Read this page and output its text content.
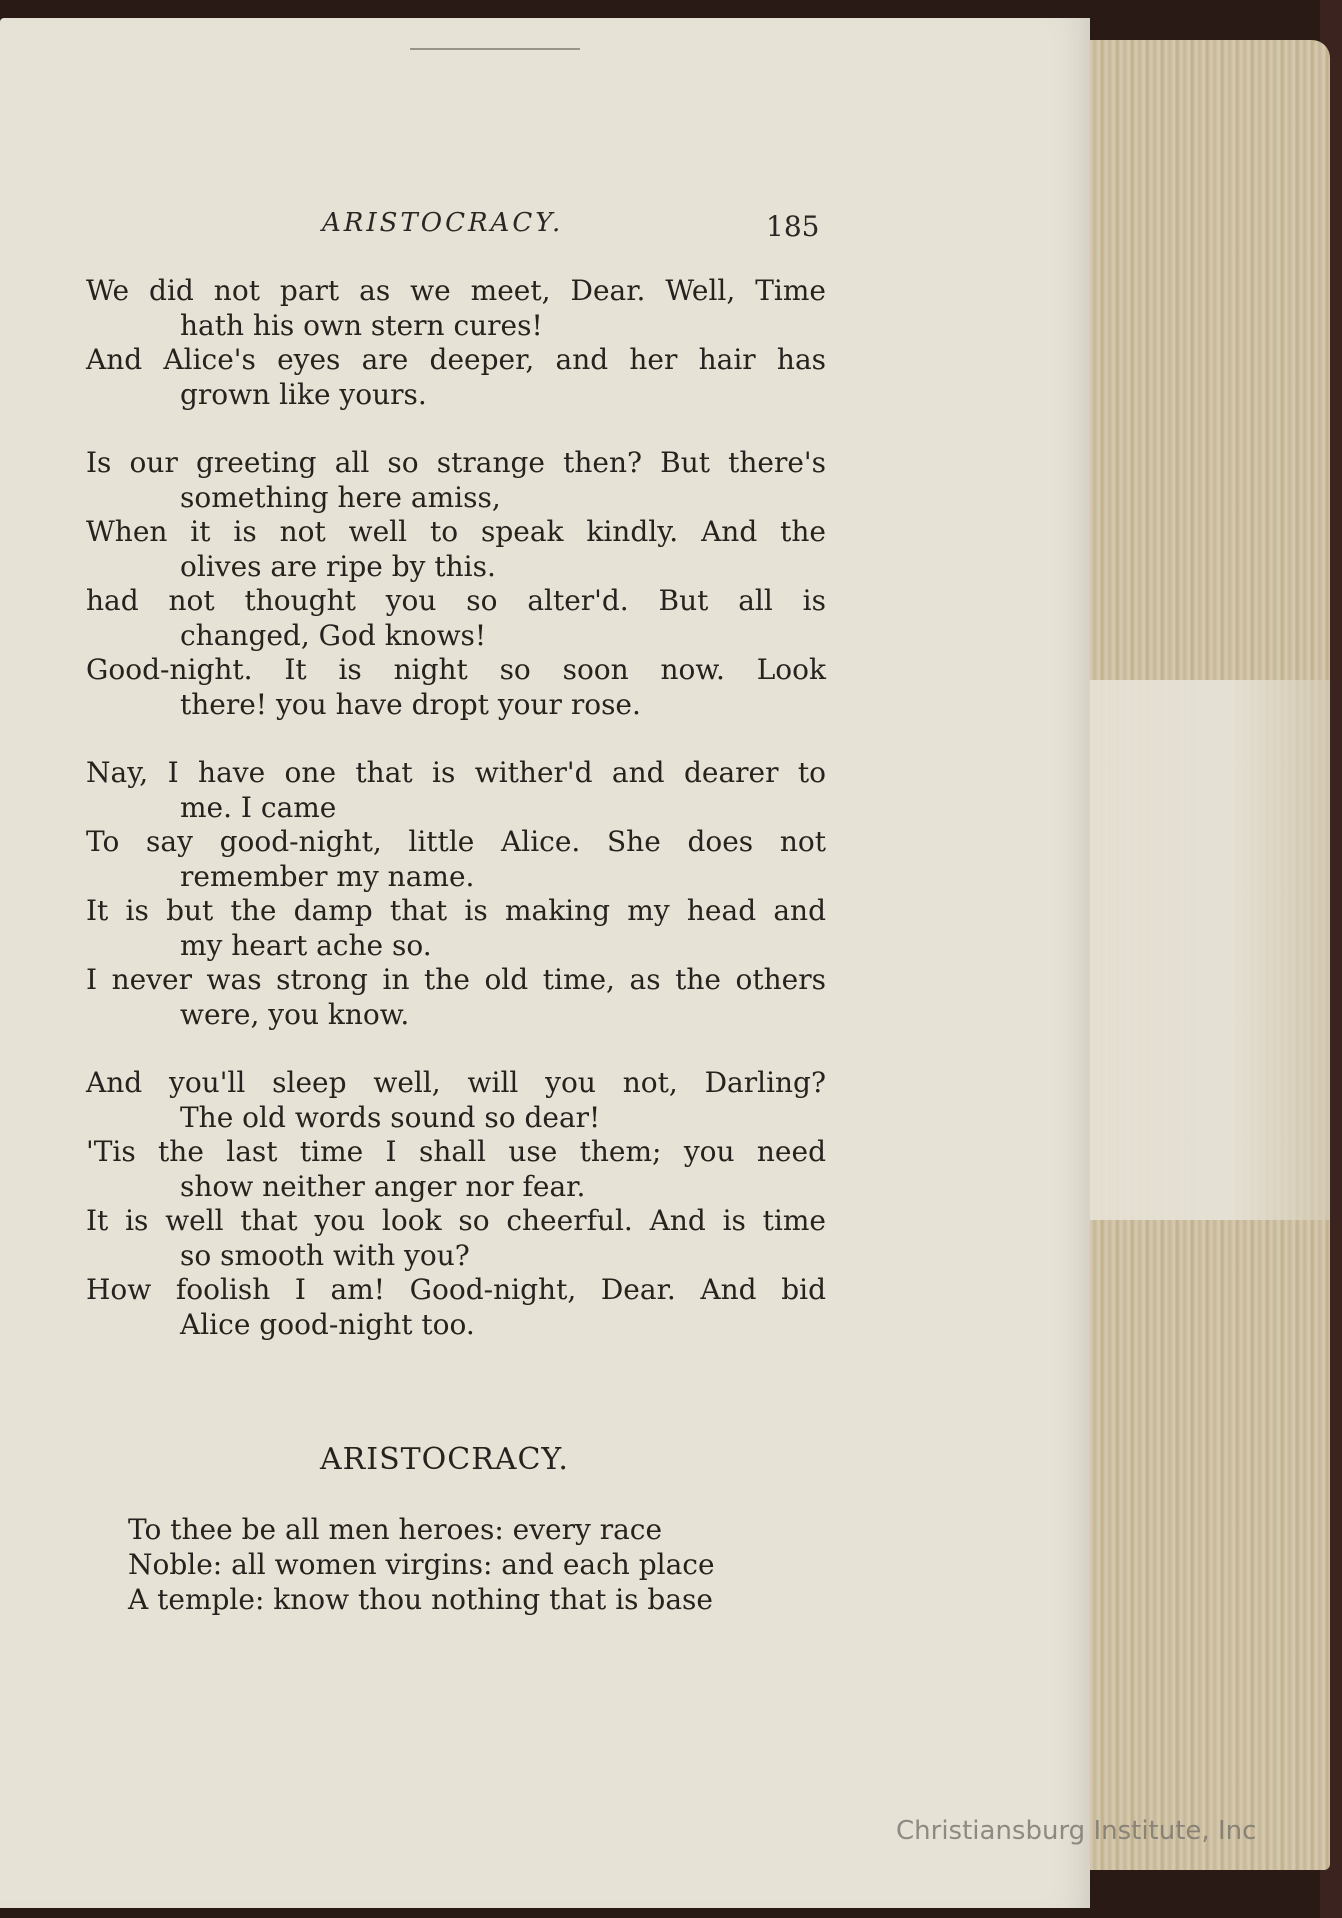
ARISTOCRACY.	185
We did not part as we meet, Dear. Well, Time
hath his own stern cures!
And Alice's eyes are deeper, and her hair has
grown like yours.
Is our greeting all so strange then? But there's
something here amiss,
When it is not well to speak kindly. And the
olives are ripe by this.
had not thought you so alter'd. But all is
changed, God knows!
Good-night. It is night so soon now. Look
there! you have dropt your rose.
Nay, I have one that is wither'd and dearer to
me. I came
To say good-night, little Alice. She does not
remember my name.
It is but the damp that is making my head and
my heart ache so.
I never was strong in the old time, as the others
were, you know.
And you'll sleep well, will you not, Darling?
The old words sound so dear!
'Tis the last time I shall use them; you need
show neither anger nor fear.
It is well that you look so cheerful. And is time
so smooth with you?
How foolish I am! Good-night, Dear. And bid
Alice good-night too.
ARISTOCRACY.
To thee be all men heroes: every race
Noble: all women virgins: and each place
A temple: know thou nothing that is base
Christiansburg Institute, Inc
